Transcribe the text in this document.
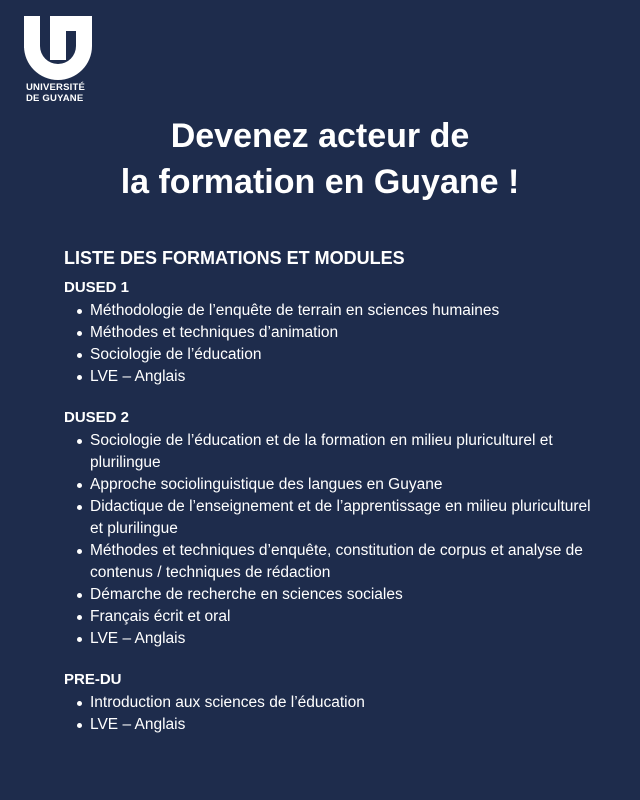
UNIVERSITÉ
DE GUYANE
Devenez acteur de
la formation en Guyane !
LISTE DES FORMATIONS ET MODULES
DUSED 1
Méthodologie de l’enquête de terrain en sciences humaines
Méthodes et techniques d’animation
Sociologie de l’éducation
LVE – Anglais
DUSED 2
Sociologie de l’éducation et de la formation en milieu pluriculturel et plurilingue
Approche sociolinguistique des langues en Guyane
Didactique de l’enseignement et de l’apprentissage en milieu pluriculturel et plurilingue
Méthodes et techniques d’enquête, constitution de corpus et analyse de contenus / techniques de rédaction
Démarche de recherche en sciences sociales
Français écrit et oral
LVE – Anglais
PRE-DU
Introduction aux sciences de l’éducation
LVE – Anglais
